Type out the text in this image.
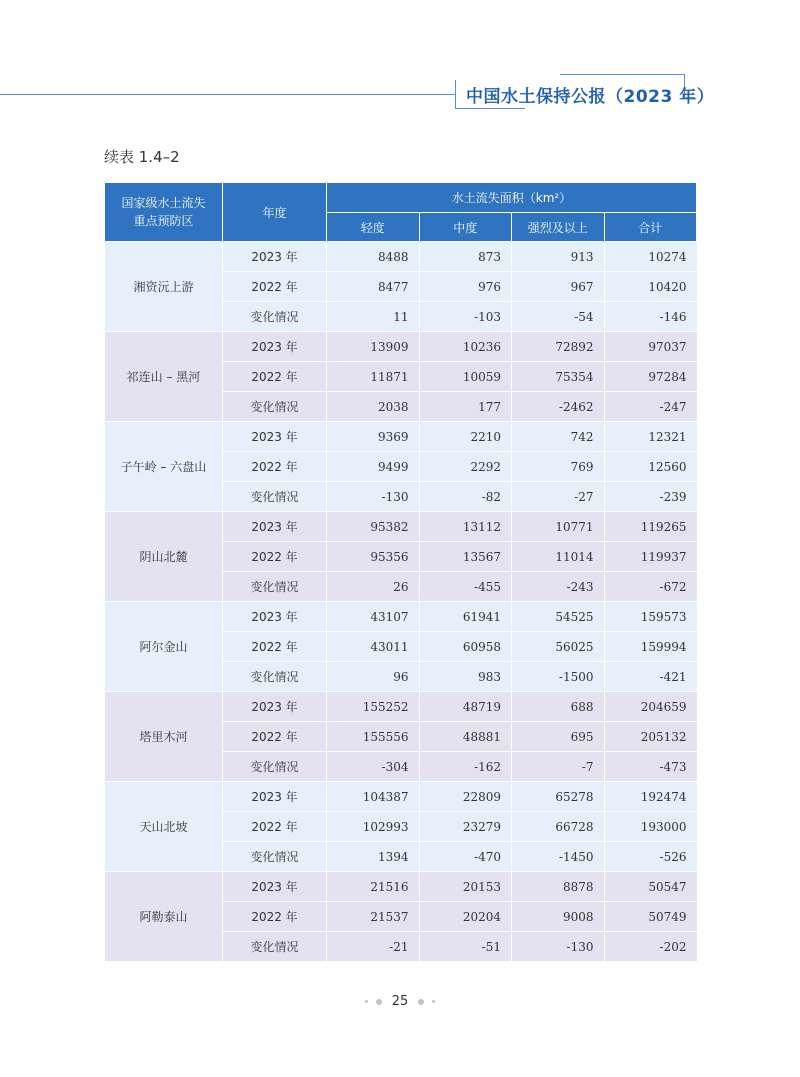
中国水土保持公报（2023 年）
续表 1.4–2
国家级水土流失重点预防区	年度	水土流失面积（km²）			
		轻度	中度	强烈及以上	合计
湘资沅上游	2023 年	8488	873	913	10274
	2022 年	8477	976	967	10420
	变化情况	11	-103	-54	-146
祁连山 – 黑河	2023 年	13909	10236	72892	97037
	2022 年	11871	10059	75354	97284
	变化情况	2038	177	-2462	-247
子午岭 – 六盘山	2023 年	9369	2210	742	12321
	2022 年	9499	2292	769	12560
	变化情况	-130	-82	-27	-239
阴山北麓	2023 年	95382	13112	10771	119265
	2022 年	95356	13567	11014	119937
	变化情况	26	-455	-243	-672
阿尔金山	2023 年	43107	61941	54525	159573
	2022 年	43011	60958	56025	159994
	变化情况	96	983	-1500	-421
塔里木河	2023 年	155252	48719	688	204659
	2022 年	155556	48881	695	205132
	变化情况	-304	-162	-7	-473
天山北坡	2023 年	104387	22809	65278	192474
	2022 年	102993	23279	66728	193000
	变化情况	1394	-470	-1450	-526
阿勒泰山	2023 年	21516	20153	8878	50547
	2022 年	21537	20204	9008	50749
	变化情况	-21	-51	-130	-202
25
